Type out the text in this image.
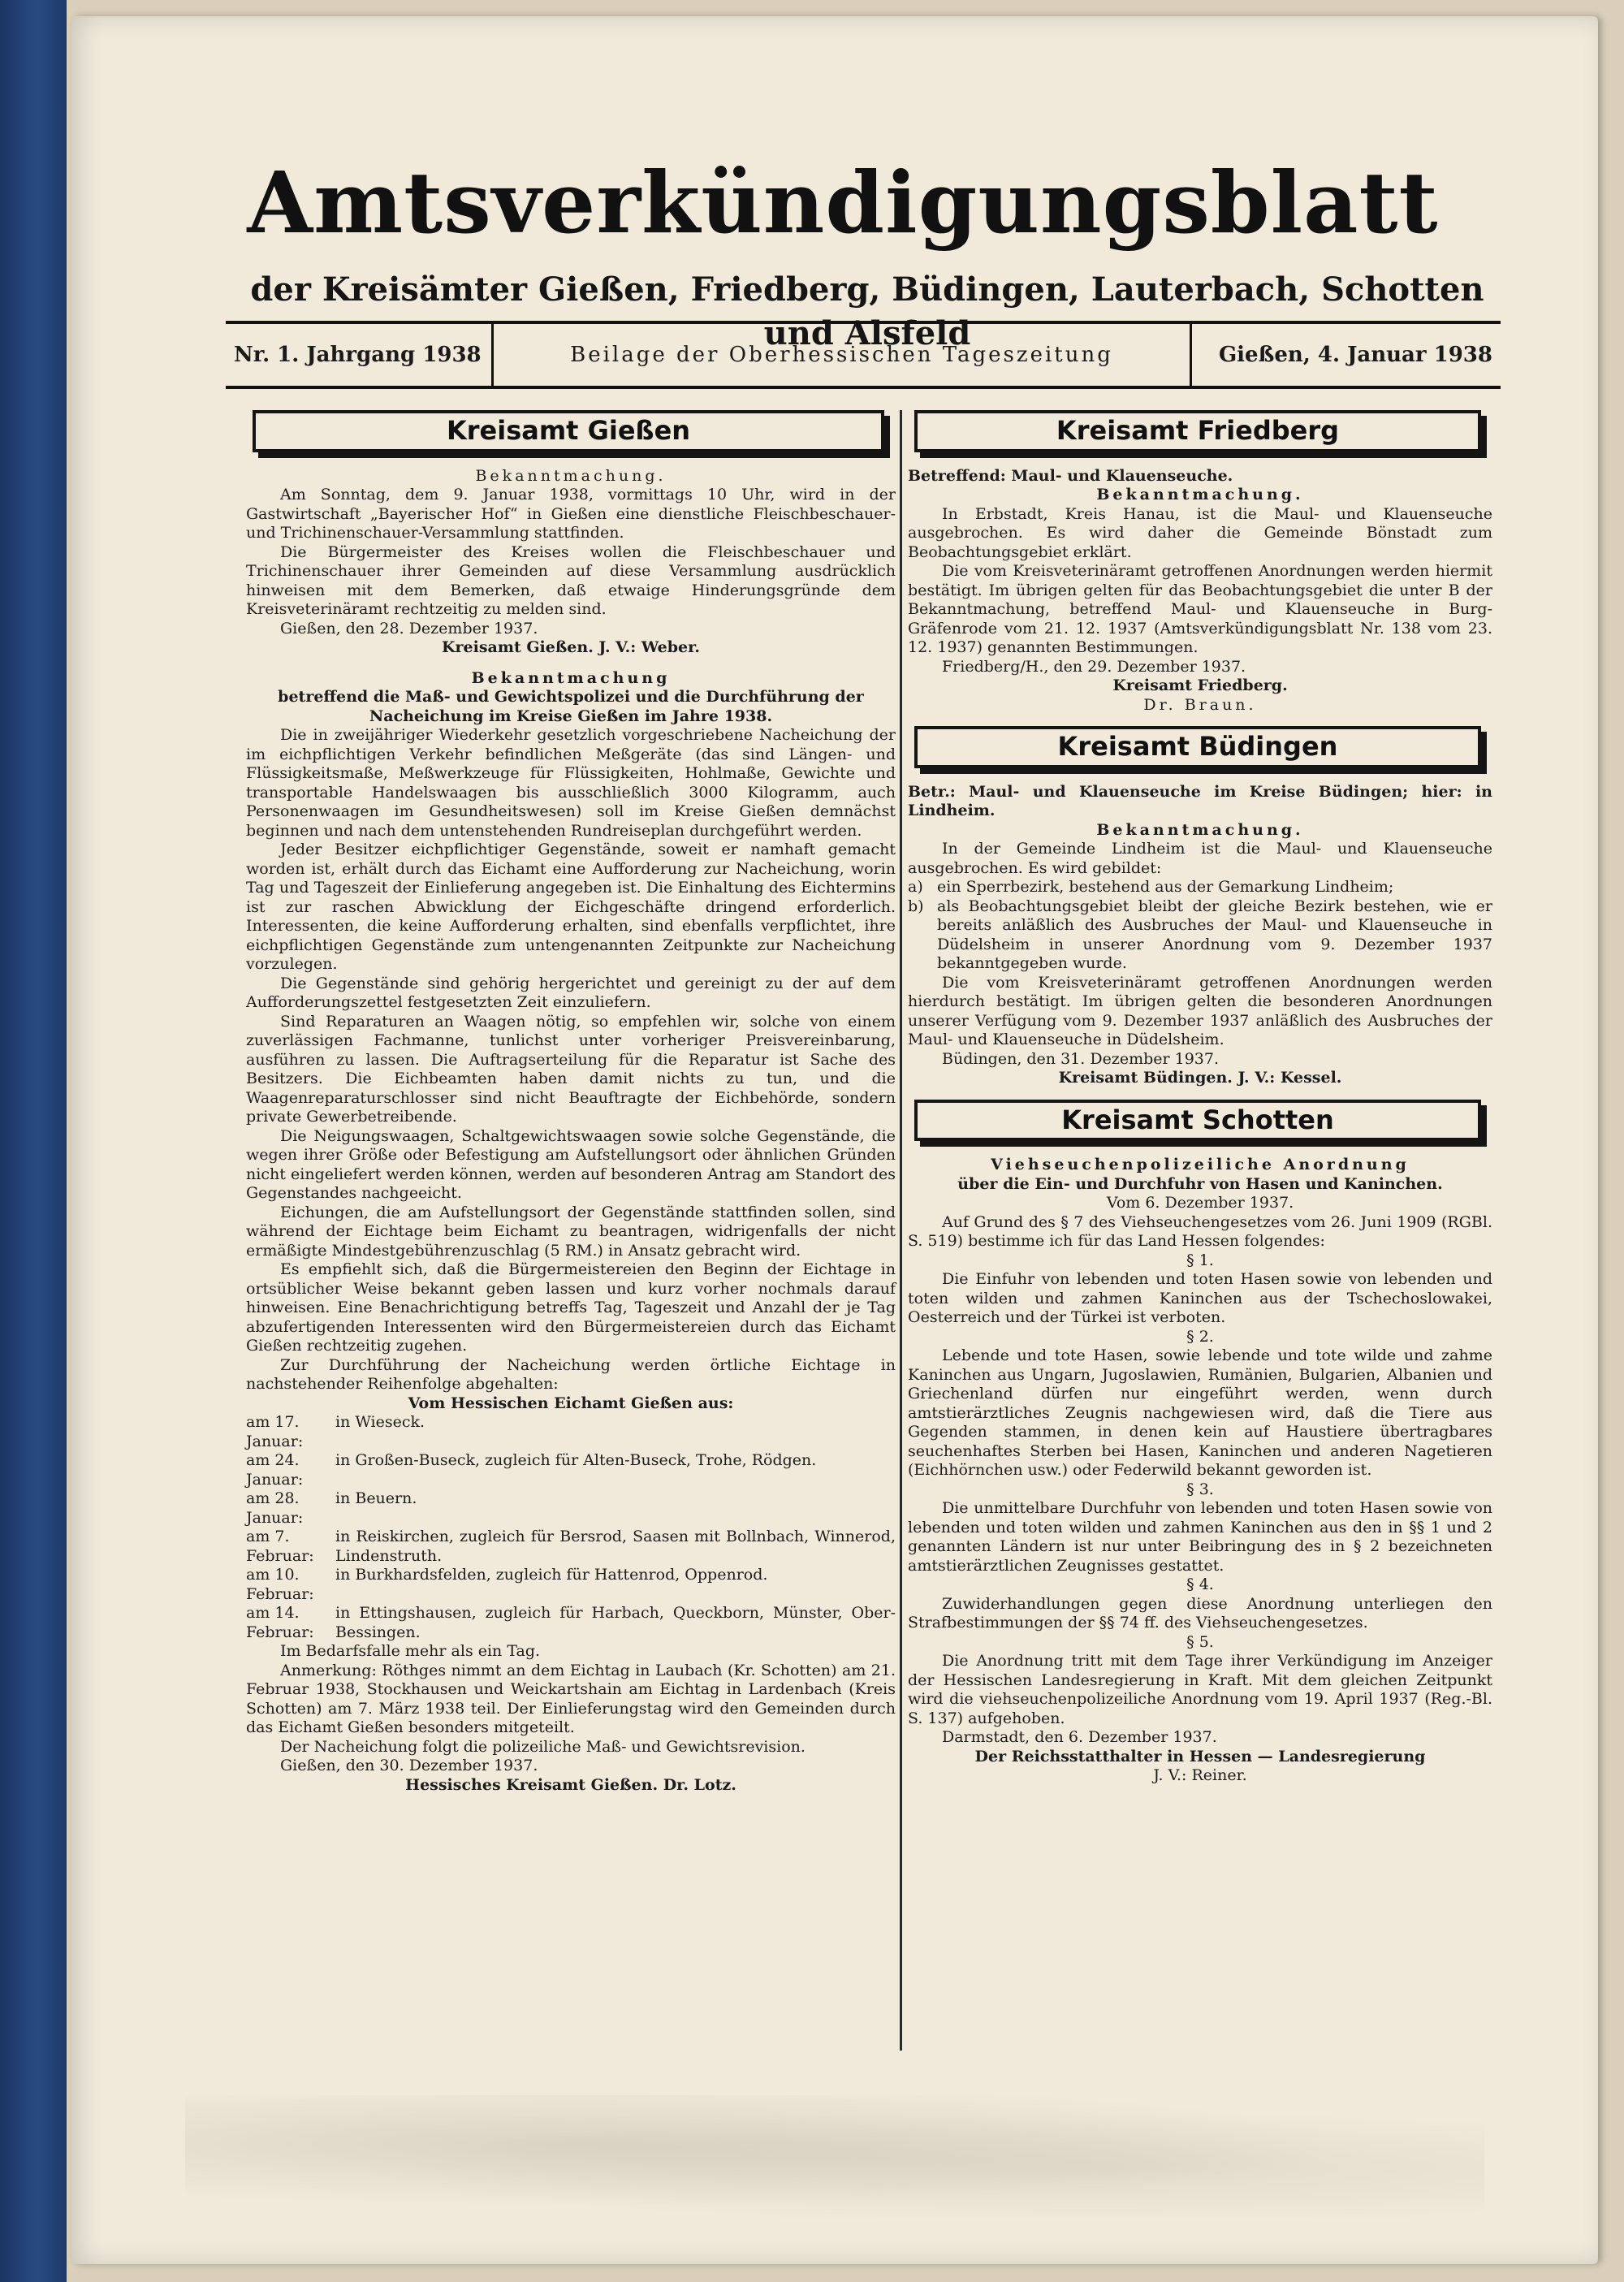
Amtsverkündigungsblatt
der Kreisämter Gießen, Friedberg, Büdingen, Lauterbach, Schotten und Alsfeld
Nr. 1. Jahrgang 1938	Beilage der Oberhessischen Tageszeitung	Gießen, 4. Januar 1938
Kreisamt Gießen

Bekanntmachung.

Am Sonntag, dem 9. Januar 1938, vormittags 10 Uhr, wird in der Gastwirtschaft „Bayerischer Hof“ in Gießen eine dienstliche Fleischbeschauer- und Trichinenschauer-Versammlung stattfinden.

Die Bürgermeister des Kreises wollen die Fleischbeschauer und Trichinenschauer ihrer Gemeinden auf diese Versammlung ausdrücklich hinweisen mit dem Bemerken, daß etwaige Hinderungsgründe dem Kreisveterinäramt rechtzeitig zu melden sind.

Gießen, den 28. Dezember 1937.

Kreisamt Gießen. J. V.: Weber.

Bekanntmachung

betreffend die Maß- und Gewichtspolizei und die Durchführung der Nacheichung im Kreise Gießen im Jahre 1938.

Die in zweijähriger Wiederkehr gesetzlich vorgeschriebene Nacheichung der im eichpflichtigen Verkehr befindlichen Meßgeräte (das sind Längen- und Flüssigkeitsmaße, Meßwerkzeuge für Flüssigkeiten, Hohlmaße, Gewichte und transportable Handelswaagen bis ausschließlich 3000 Kilogramm, auch Personenwaagen im Gesundheitswesen) soll im Kreise Gießen demnächst beginnen und nach dem untenstehenden Rundreiseplan durchgeführt werden.

Jeder Besitzer eichpflichtiger Gegenstände, soweit er namhaft gemacht worden ist, erhält durch das Eichamt eine Aufforderung zur Nacheichung, worin Tag und Tageszeit der Einlieferung angegeben ist. Die Einhaltung des Eichtermins ist zur raschen Abwicklung der Eichgeschäfte dringend erforderlich. Interessenten, die keine Aufforderung erhalten, sind ebenfalls verpflichtet, ihre eichpflichtigen Gegenstände zum untengenannten Zeitpunkte zur Nacheichung vorzulegen.

Die Gegenstände sind gehörig hergerichtet und gereinigt zu der auf dem Aufforderungszettel festgesetzten Zeit einzuliefern.

Sind Reparaturen an Waagen nötig, so empfehlen wir, solche von einem zuverlässigen Fachmanne, tunlichst unter vorheriger Preisvereinbarung, ausführen zu lassen. Die Auftragserteilung für die Reparatur ist Sache des Besitzers. Die Eichbeamten haben damit nichts zu tun, und die Waagenreparaturschlosser sind nicht Beauftragte der Eichbehörde, sondern private Gewerbetreibende.

Die Neigungswaagen, Schaltgewichtswaagen sowie solche Gegenstände, die wegen ihrer Größe oder Befestigung am Aufstellungsort oder ähnlichen Gründen nicht eingeliefert werden können, werden auf besonderen Antrag am Standort des Gegenstandes nachgeeicht.

Eichungen, die am Aufstellungsort der Gegenstände stattfinden sollen, sind während der Eichtage beim Eichamt zu beantragen, widrigenfalls der nicht ermäßigte Mindestgebührenzuschlag (5 RM.) in Ansatz gebracht wird.

Es empfiehlt sich, daß die Bürgermeistereien den Beginn der Eichtage in ortsüblicher Weise bekannt geben lassen und kurz vorher nochmals darauf hinweisen. Eine Benachrichtigung betreffs Tag, Tageszeit und Anzahl der je Tag abzufertigenden Interessenten wird den Bürgermeistereien durch das Eichamt Gießen rechtzeitig zugehen.

Zur Durchführung der Nacheichung werden örtliche Eichtage in nachstehender Reihenfolge abgehalten:

Vom Hessischen Eichamt Gießen aus:

am 17. Januar:
in Wieseck.
am 24. Januar:
in Großen-Buseck, zugleich für Alten-Buseck, Trohe, Rödgen.
am 28. Januar:
in Beuern.
am 7. Februar:
in Reiskirchen, zugleich für Bersrod, Saasen mit Bollnbach, Winnerod, Lindenstruth.
am 10. Februar:
in Burkhardsfelden, zugleich für Hattenrod, Oppenrod.
am 14. Februar:
in Ettingshausen, zugleich für Harbach, Queckborn, Münster, Ober-Bessingen.

Im Bedarfsfalle mehr als ein Tag.

Anmerkung: Röthges nimmt an dem Eichtag in Laubach (Kr. Schotten) am 21. Februar 1938, Stockhausen und Weickartshain am Eichtag in Lardenbach (Kreis Schotten) am 7. März 1938 teil. Der Einlieferungstag wird den Gemeinden durch das Eichamt Gießen besonders mitgeteilt.

Der Nacheichung folgt die polizeiliche Maß- und Gewichtsrevision.

Gießen, den 30. Dezember 1937.

Hessisches Kreisamt Gießen. Dr. Lotz.

Kreisamt Friedberg

Betreffend: Maul- und Klauenseuche.

Bekanntmachung.

In Erbstadt, Kreis Hanau, ist die Maul- und Klauenseuche ausgebrochen. Es wird daher die Gemeinde Bönstadt zum Beobachtungsgebiet erklärt.

Die vom Kreisveterinäramt getroffenen Anordnungen werden hiermit bestätigt. Im übrigen gelten für das Beobachtungsgebiet die unter B der Bekanntmachung, betreffend Maul- und Klauenseuche in Burg-Gräfenrode vom 21. 12. 1937 (Amtsverkündigungsblatt Nr. 138 vom 23. 12. 1937) genannten Bestimmungen.

Friedberg/H., den 29. Dezember 1937.

Kreisamt Friedberg.

Dr. Braun.

Kreisamt Büdingen

Betr.: Maul- und Klauenseuche im Kreise Büdingen; hier: in Lindheim.

Bekanntmachung.

In der Gemeinde Lindheim ist die Maul- und Klauenseuche ausgebrochen. Es wird gebildet:

a) ein Sperrbezirk, bestehend aus der Gemarkung Lindheim;
b) als Beobachtungsgebiet bleibt der gleiche Bezirk bestehen, wie er bereits anläßlich des Ausbruches der Maul- und Klauenseuche in Düdelsheim in unserer Anordnung vom 9. Dezember 1937 bekanntgegeben wurde.

Die vom Kreisveterinäramt getroffenen Anordnungen werden hierdurch bestätigt. Im übrigen gelten die besonderen Anordnungen unserer Verfügung vom 9. Dezember 1937 anläßlich des Ausbruches der Maul- und Klauenseuche in Düdelsheim.

Büdingen, den 31. Dezember 1937.

Kreisamt Büdingen. J. V.: Kessel.

Kreisamt Schotten

Viehseuchenpolizeiliche Anordnung

über die Ein- und Durchfuhr von Hasen und Kaninchen.

Vom 6. Dezember 1937.

Auf Grund des § 7 des Viehseuchengesetzes vom 26. Juni 1909 (RGBl. S. 519) bestimme ich für das Land Hessen folgendes:

§ 1.

Die Einfuhr von lebenden und toten Hasen sowie von lebenden und toten wilden und zahmen Kaninchen aus der Tschechoslowakei, Oesterreich und der Türkei ist verboten.

§ 2.

Lebende und tote Hasen, sowie lebende und tote wilde und zahme Kaninchen aus Ungarn, Jugoslawien, Rumänien, Bulgarien, Albanien und Griechenland dürfen nur eingeführt werden, wenn durch amtstierärztliches Zeugnis nachgewiesen wird, daß die Tiere aus Gegenden stammen, in denen kein auf Haustiere übertragbares seuchenhaftes Sterben bei Hasen, Kaninchen und anderen Nagetieren (Eichhörnchen usw.) oder Federwild bekannt geworden ist.

§ 3.

Die unmittelbare Durchfuhr von lebenden und toten Hasen sowie von lebenden und toten wilden und zahmen Kaninchen aus den in §§ 1 und 2 genannten Ländern ist nur unter Beibringung des in § 2 bezeichneten amtstierärztlichen Zeugnisses gestattet.

§ 4.

Zuwiderhandlungen gegen diese Anordnung unterliegen den Strafbestimmungen der §§ 74 ff. des Viehseuchengesetzes.

§ 5.

Die Anordnung tritt mit dem Tage ihrer Verkündigung im Anzeiger der Hessischen Landesregierung in Kraft. Mit dem gleichen Zeitpunkt wird die viehseuchenpolizeiliche Anordnung vom 19. April 1937 (Reg.-Bl. S. 137) aufgehoben.

Darmstadt, den 6. Dezember 1937.

Der Reichsstatthalter in Hessen — Landesregierung

J. V.: Reiner.
